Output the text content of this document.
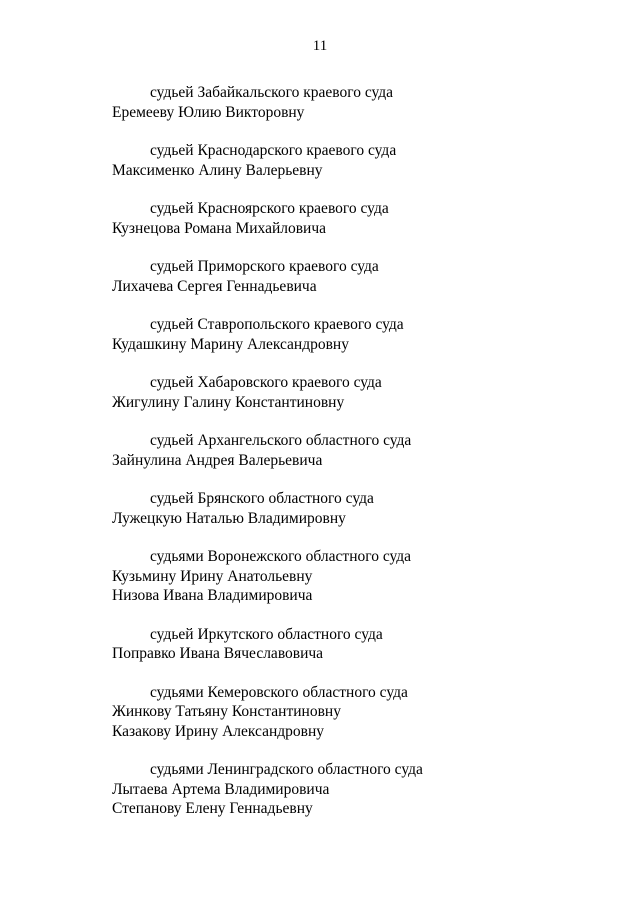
11
судьей Забайкальского краевого суда
Еремееву Юлию Викторовну
судьей Краснодарского краевого суда
Максименко Алину Валерьевну
судьей Красноярского краевого суда
Кузнецова Романа Михайловича
судьей Приморского краевого суда
Лихачева Сергея Геннадьевича
судьей Ставропольского краевого суда
Кудашкину Марину Александровну
судьей Хабаровского краевого суда
Жигулину Галину Константиновну
судьей Архангельского областного суда
Зайнулина Андрея Валерьевича
судьей Брянского областного суда
Лужецкую Наталью Владимировну
судьями Воронежского областного суда
Кузьмину Ирину Анатольевну
Низова Ивана Владимировича
судьей Иркутского областного суда
Поправко Ивана Вячеславовича
судьями Кемеровского областного суда
Жинкову Татьяну Константиновну
Казакову Ирину Александровну
судьями Ленинградского областного суда
Лытаева Артема Владимировича
Степанову Елену Геннадьевну
